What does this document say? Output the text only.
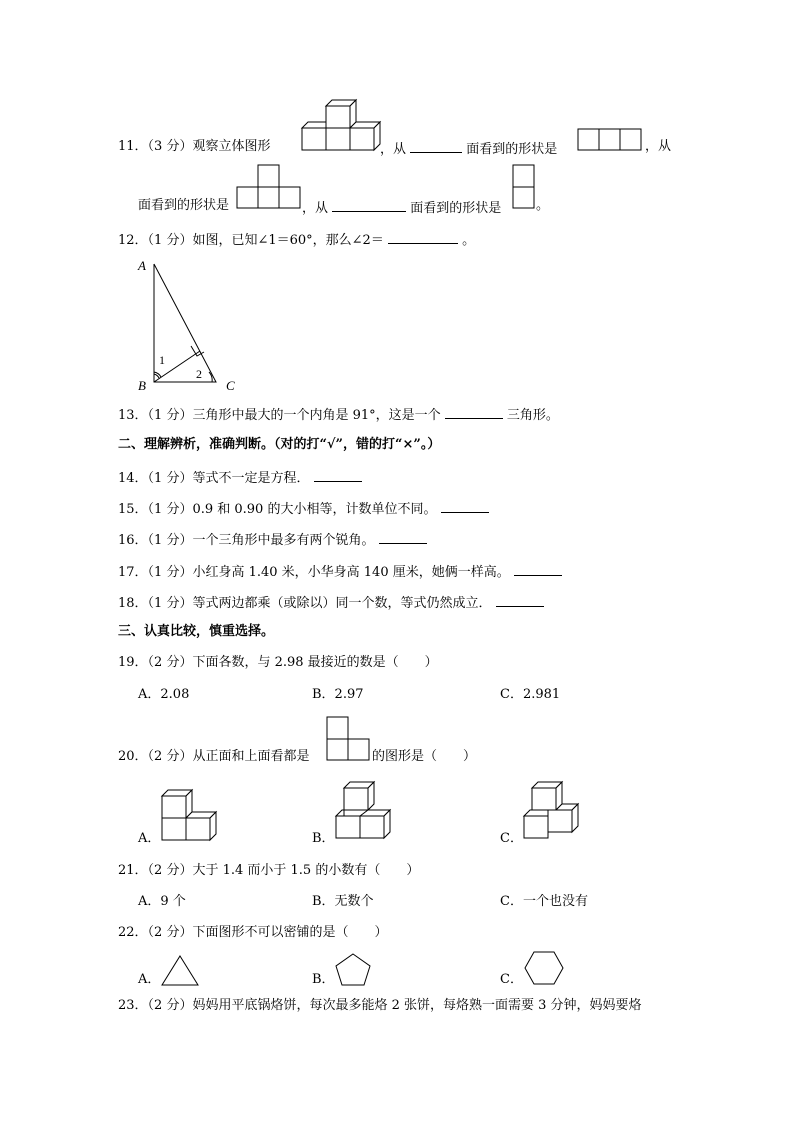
11．（3 分）观察立体图形	，从	面看到的形状是	，从
面看到的形状是	，从	面看到的形状是	。
12．（1 分）如图，已知∠1＝60°，那么∠2＝	。
A
B	C
1
2
13．（1 分）三角形中最大的一个内角是 91°，这是一个	三角形。
二、理解辨析，准确判断。（对的打“√”，错的打“×”。）
14．（1 分）等式不一定是方程．
15．（1 分）0.9 和 0.90 的大小相等，计数单位不同。
16．（1 分）一个三角形中最多有两个锐角。
17．（1 分）小红身高 1.40 米，小华身高 140 厘米，她俩一样高。
18．（1 分）等式两边都乘（或除以）同一个数，等式仍然成立．
三、认真比较，慎重选择。
19．（2 分）下面各数，与 2.98 最接近的数是（　　）
A．2.08	B．2.97	C．2.981
20．（2 分）从正面和上面看都是	的图形是（　　）
A．	B．	C．
21．（2 分）大于 1.4 而小于 1.5 的小数有（　　）
A．9 个	B．无数个	C．一个也没有
22．（2 分）下面图形不可以密铺的是（　　）
A．	B．	C．
23．（2 分）妈妈用平底锅烙饼，每次最多能烙 2 张饼，每烙熟一面需要 3 分钟，妈妈要烙
